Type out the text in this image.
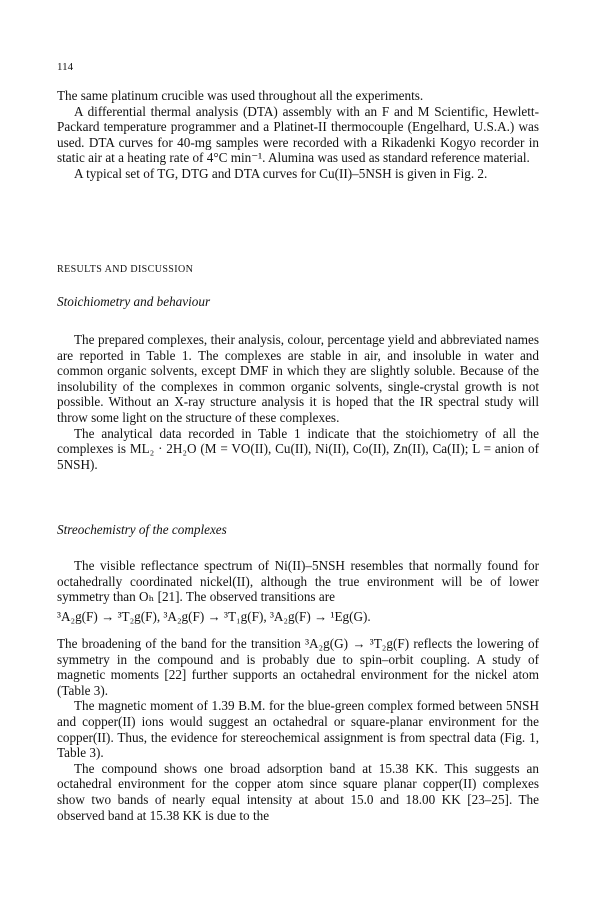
114

The same platinum crucible was used throughout all the experiments.

A differential thermal analysis (DTA) assembly with an F and M Scientific, Hewlett-Packard temperature programmer and a Platinet-II thermocouple (Engelhard, U.S.A.) was used. DTA curves for 40-mg samples were recorded with a Rikadenki Kogyo recorder in static air at a heating rate of 4°C min⁻¹. Alumina was used as standard reference material.

A typical set of TG, DTG and DTA curves for Cu(II)–5NSH is given in Fig. 2.

RESULTS AND DISCUSSION
Stoichiometry and behaviour

The prepared complexes, their analysis, colour, percentage yield and abbreviated names are reported in Table 1. The complexes are stable in air, and insoluble in water and common organic solvents, except DMF in which they are slightly soluble. Because of the insolubility of the complexes in common organic solvents, single-crystal growth is not possible. Without an X-ray structure analysis it is hoped that the IR spectral study will throw some light on the structure of these complexes.

The analytical data recorded in Table 1 indicate that the stoichiometry of all the complexes is ML₂ · 2H₂O (M = VO(II), Cu(II), Ni(II), Co(II), Zn(II), Ca(II); L = anion of 5NSH).

Streochemistry of the complexes

The visible reflectance spectrum of Ni(II)–5NSH resembles that normally found for octahedrally coordinated nickel(II), although the true environment will be of lower symmetry than Oₕ [21]. The observed transitions are

³A₂g(F) → ³T₂g(F), ³A₂g(F) → ³T₁g(F), ³A₂g(F) → ¹Eg(G).

The broadening of the band for the transition ³A₂g(G) → ³T₂g(F) reflects the lowering of symmetry in the compound and is probably due to spin–orbit coupling. A study of magnetic moments [22] further supports an octahedral environment for the nickel atom (Table 3).

The magnetic moment of 1.39 B.M. for the blue-green complex formed between 5NSH and copper(II) ions would suggest an octahedral or square-planar environment for the copper(II). Thus, the evidence for stereochemical assignment is from spectral data (Fig. 1, Table 3).

The compound shows one broad adsorption band at 15.38 KK. This suggests an octahedral environment for the copper atom since square planar copper(II) complexes show two bands of nearly equal intensity at about 15.0 and 18.00 KK [23–25]. The observed band at 15.38 KK is due to the
